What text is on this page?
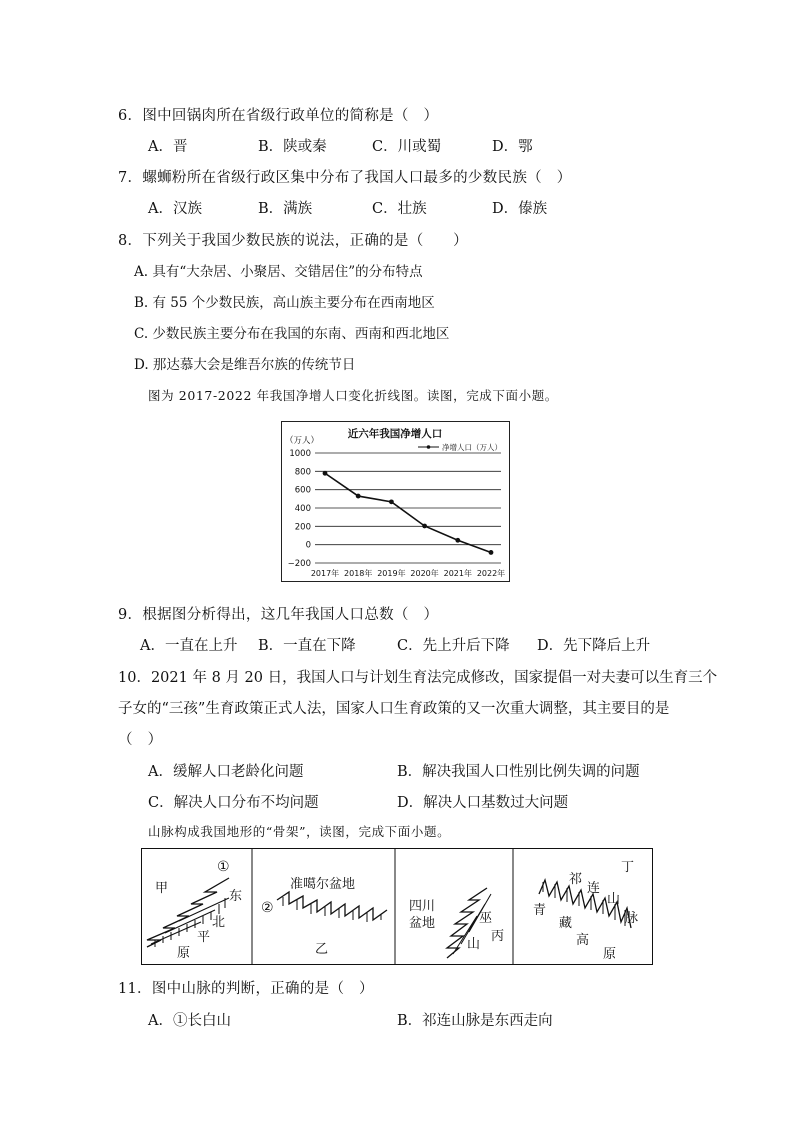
6．图中回锅肉所在省级行政单位的简称是（　）
A．晋	B．陕或秦	C．川或蜀	D．鄂
7．螺蛳粉所在省级行政区集中分布了我国人口最多的少数民族（　）
A．汉族	B．满族	C．壮族	D．傣族
8．下列关于我国少数民族的说法，正确的是（　　）
A. 具有“大杂居、小聚居、交错居住”的分布特点
B. 有 55 个少数民族，高山族主要分布在西南地区
C. 少数民族主要分布在我国的东南、西南和西北地区
D. 那达慕大会是维吾尔族的传统节日
图为 2017-2022 年我国净增人口变化折线图。读图，完成下面小题。
近六年我国净增人口
（万人）
净增人口（万人）
1000
800
600
400
200
0
−200
2017年 2018年 2019年 2020年 2021年 2022年
9．根据图分析得出，这几年我国人口总数（　）
A．一直在上升 B．一直在下降	C．先上升后下降 D．先下降后上升
10．2021 年 8 月 20 日，我国人口与计划生育法完成修改，国家提倡一对夫妻可以生育三个
子女的“三孩”生育政策正式人法，国家人口生育政策的又一次重大调整，其主要目的是
（　）
A．缓解人口老龄化问题	B．解决我国人口性别比例失调的问题
C．解决人口分布不均问题	D．解决人口基数过大问题
山脉构成我国地形的“骨架”，读图，完成下面小题。
①
甲
东
北
平
原
②
准噶尔盆地
乙
四川
盆地	巫
山
丙
祁
连
山
脉
丁
青
藏
高
原
11．图中山脉的判断，正确的是（　）
A．①长白山	B．祁连山脉是东西走向
